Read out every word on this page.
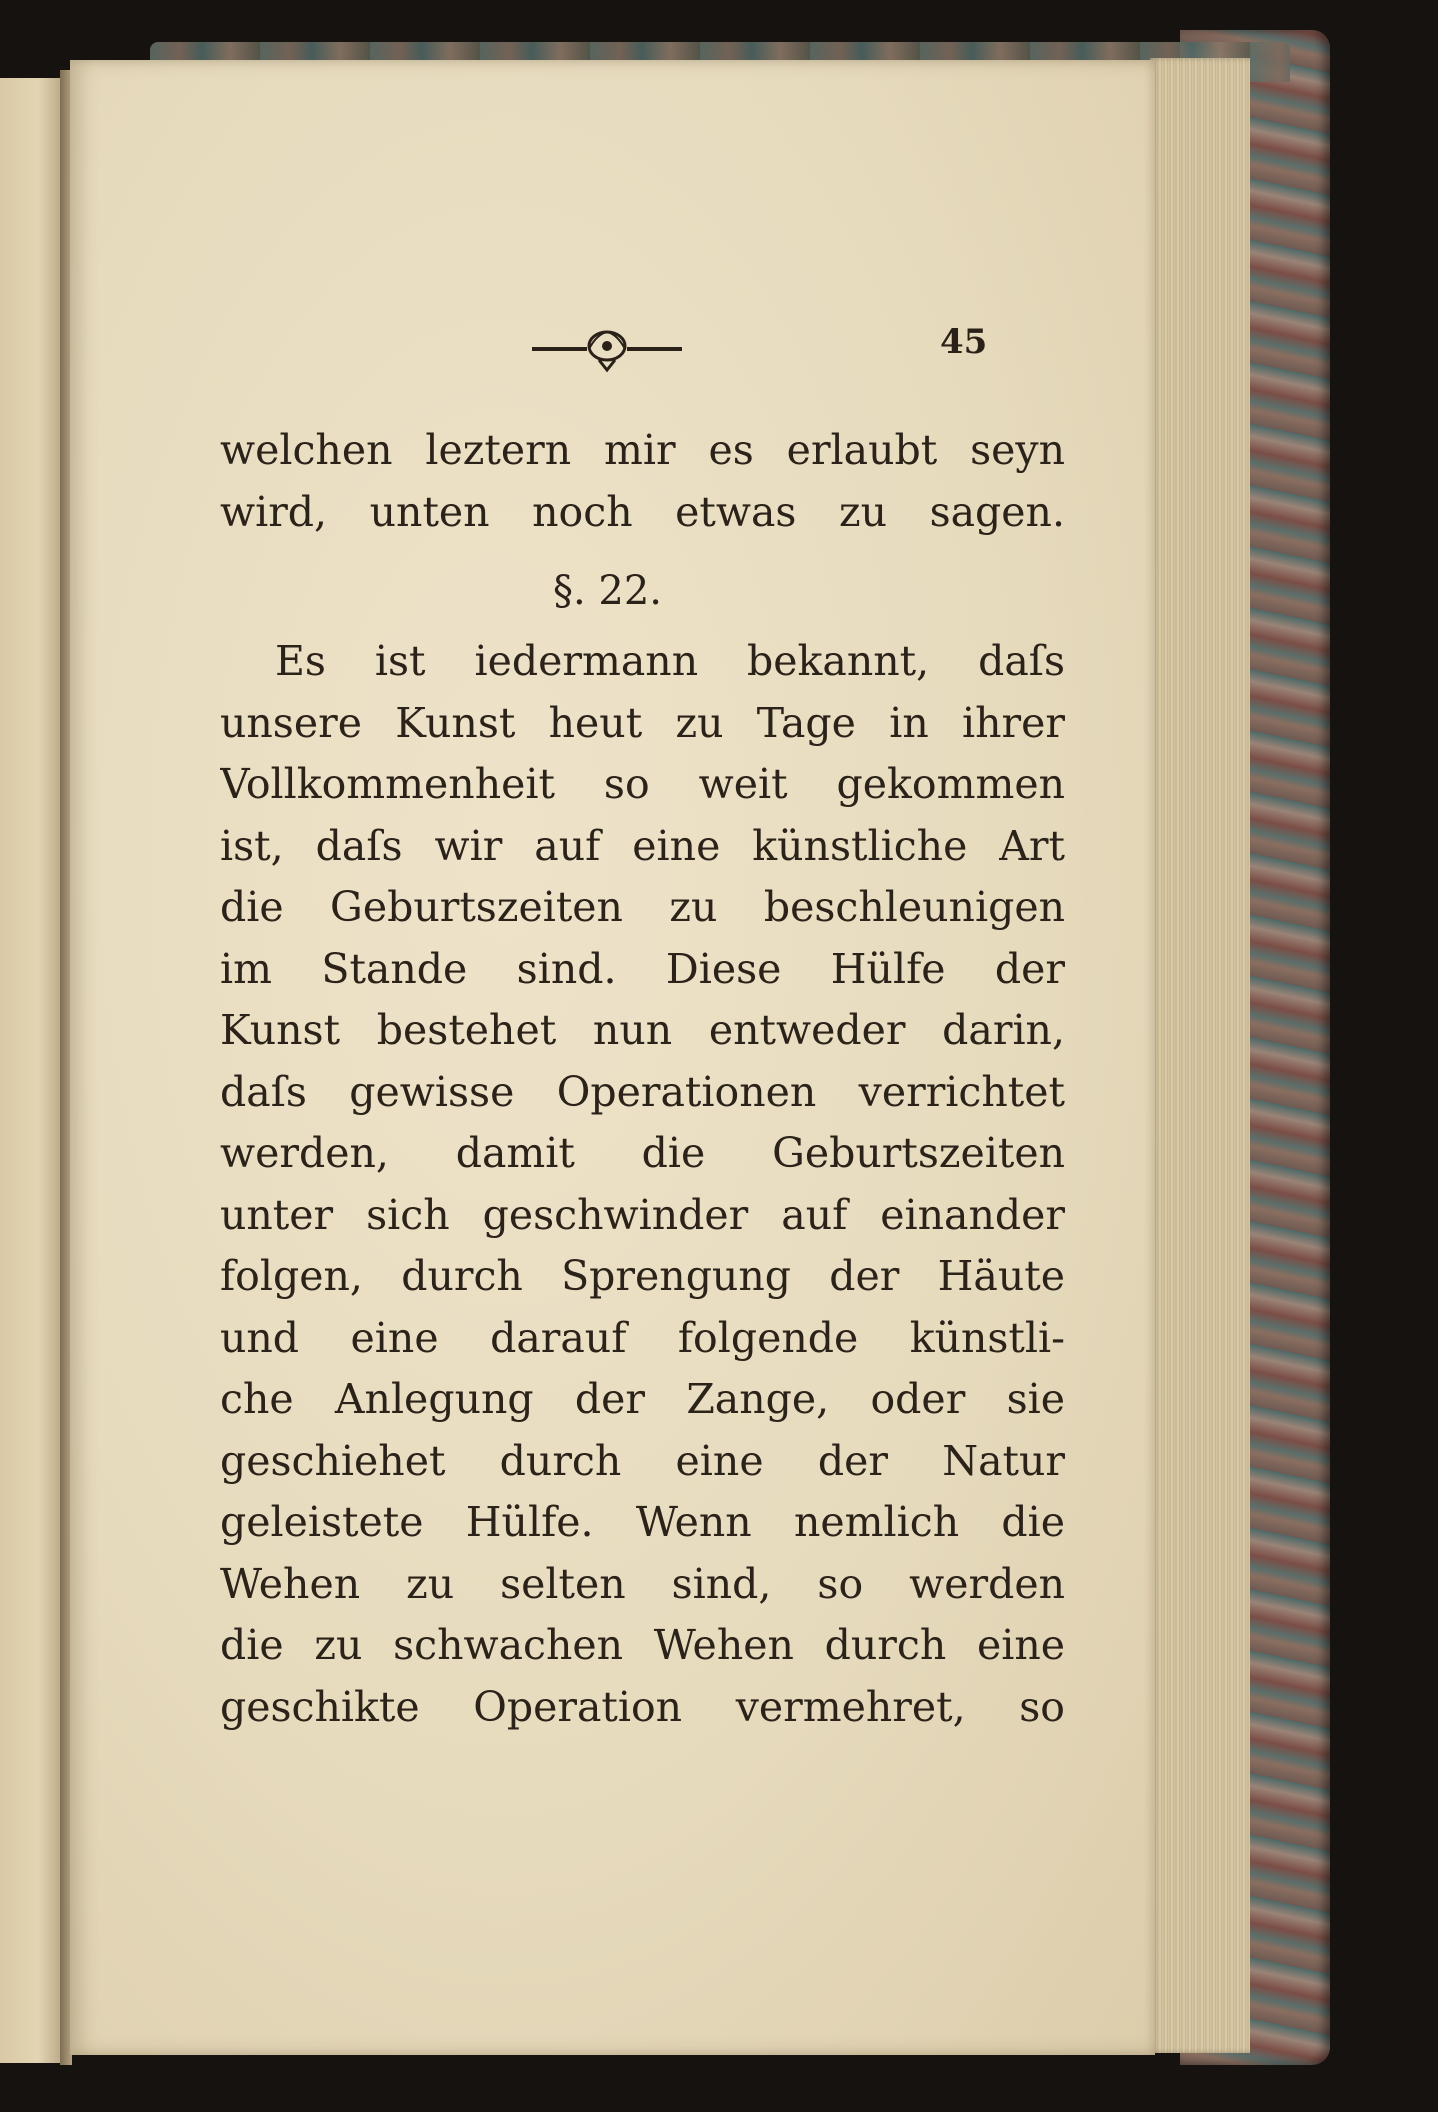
45
welchen leztern mir es erlaubt seyn
wird, unten noch etwas zu sagen.
§. 22.
Es ist iedermann bekannt, daſs
unsere Kunst heut zu Tage in ihrer
Vollkommenheit so weit gekommen
ist, daſs wir auf eine künstliche Art
die Geburtszeiten zu beschleunigen
im Stande sind. Diese Hülfe der
Kunst bestehet nun entweder darin,
daſs gewisse Operationen verrichtet
werden, damit die Geburtszeiten
unter sich geschwinder auf einander
folgen, durch Sprengung der Häute
und eine darauf folgende künstli-
che Anlegung der Zange, oder sie
geschiehet durch eine der Natur
geleistete Hülfe. Wenn nemlich die
Wehen zu selten sind, so werden
die zu schwachen Wehen durch eine
geschikte Operation vermehret, so
